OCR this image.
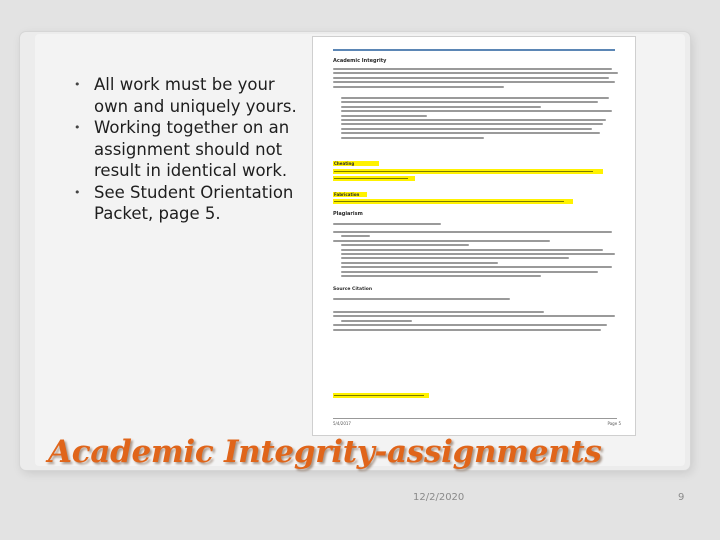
• All work must be your own and uniquely yours.
• Working together on an assignment should not result in identical work.
• See Student Orientation Packet, page 5.
Academic Integrity
Cheating
Fabrication
Plagiarism
Source Citation
5/4/2017	Page 5
Academic Integrity-assignments
12/2/2020	9
